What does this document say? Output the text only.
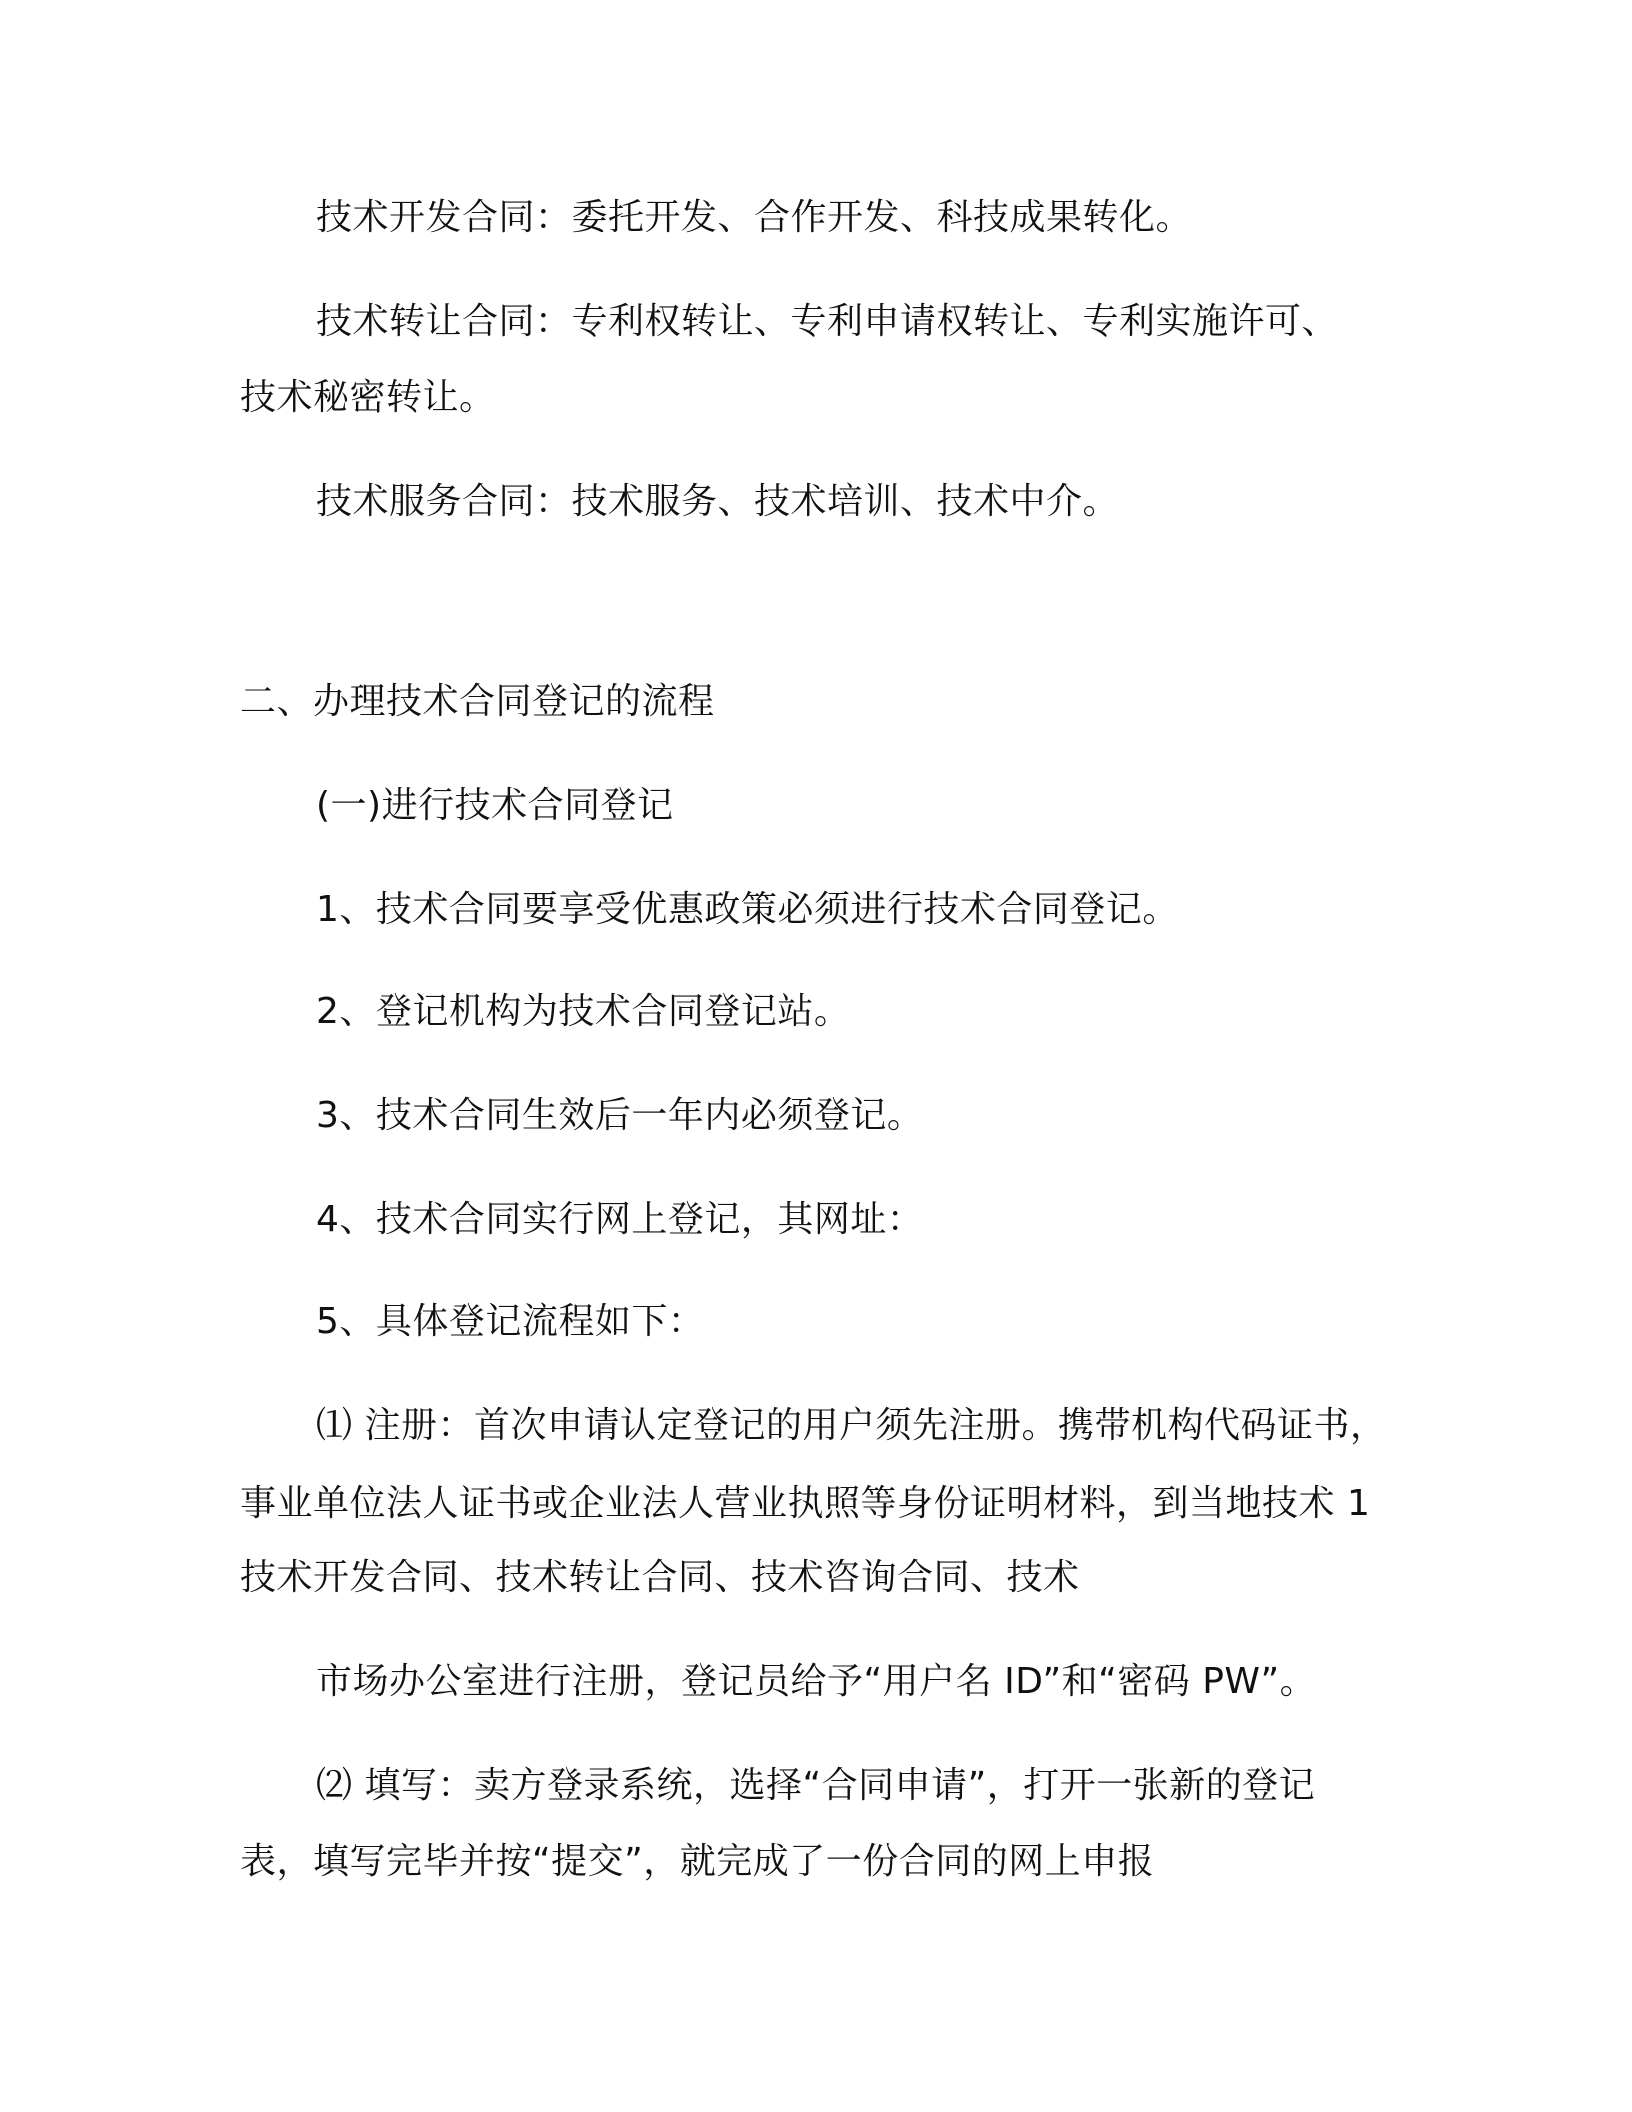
技术开发合同：委托开发、合作开发、科技成果转化。
技术转让合同：专利权转让、专利申请权转让、专利实施许可、
技术秘密转让。
技术服务合同：技术服务、技术培训、技术中介。
二、办理技术合同登记的流程
(一)进行技术合同登记
1、技术合同要享受优惠政策必须进行技术合同登记。
2、登记机构为技术合同登记站。
3、技术合同生效后一年内必须登记。
4、技术合同实行网上登记，其网址：
5、具体登记流程如下：
⑴ 注册：首次申请认定登记的用户须先注册。携带机构代码证书，
事业单位法人证书或企业法人营业执照等身份证明材料，到当地技术 1
技术开发合同、技术转让合同、技术咨询合同、技术
市场办公室进行注册，登记员给予“用户名 ID”和“密码 PW”。
⑵ 填写：卖方登录系统，选择“合同申请”，打开一张新的登记
表，填写完毕并按“提交”，就完成了一份合同的网上申报
